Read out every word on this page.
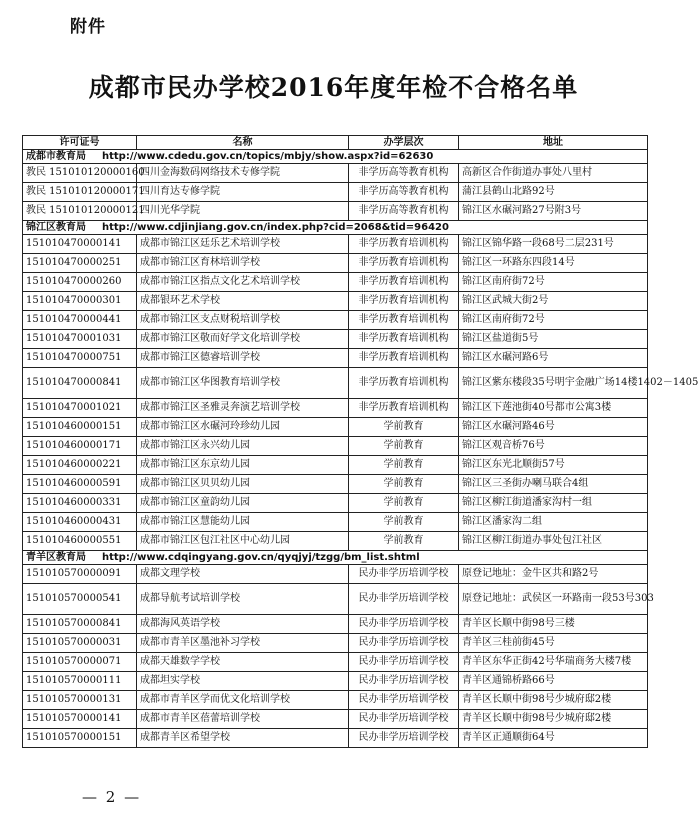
附件
成都市民办学校2016年度年检不合格名单
许可证号	名称	办学层次	地址
成都市教育局 http://www.cdedu.gov.cn/topics/mbjy/show.aspx?id=62630			
教民 151010120000160	四川金海数码网络技术专修学院	非学历高等教育机构	高新区合作街道办事处八里村
教民 151010120000171	四川育达专修学院	非学历高等教育机构	蒲江县鹤山北路92号
教民 151010120000121	四川光华学院	非学历高等教育机构	锦江区水碾河路27号附3号
锦江区教育局 http://www.cdjinjiang.gov.cn/index.php?cid=2068&tid=96420			
151010470000141	成都市锦江区廷乐艺术培训学校	非学历教育培训机构	锦江区锦华路一段68号二层231号
151010470000251	成都市锦江区育林培训学校	非学历教育培训机构	锦江区一环路东四段14号
151010470000260	成都市锦江区指点文化艺术培训学校	非学历教育培训机构	锦江区南府街72号
151010470000301	成都银环艺术学校	非学历教育培训机构	锦江区武城大街2号
151010470000441	成都市锦江区支点财税培训学校	非学历教育培训机构	锦江区南府街72号
151010470001031	成都市锦江区敬而好学文化培训学校	非学历教育培训机构	锦江区盐道街5号
151010470000751	成都市锦江区德睿培训学校	非学历教育培训机构	锦江区水碾河路6号
151010470000841	成都市锦江区华图教育培训学校	非学历教育培训机构	锦江区紫东楼段35号明宇金融广场14楼1402－1405
151010470001021	成都市锦江区圣雅灵奔演艺培训学校	非学历教育培训机构	锦江区下莲池街40号都市公寓3楼
151010460000151	成都市锦江区水碾河玲珍幼儿园	学前教育	锦江区水碾河路46号
151010460000171	成都市锦江区永兴幼儿园	学前教育	锦江区观音桥76号
151010460000221	成都市锦江区东京幼儿园	学前教育	锦江区东光北顺街57号
151010460000591	成都市锦江区贝贝幼儿园	学前教育	锦江区三圣街办喇马联合4组
151010460000331	成都市锦江区童韵幼儿园	学前教育	锦江区柳江街道潘家沟村一组
151010460000431	成都市锦江区慧能幼儿园	学前教育	锦江区潘家沟二组
151010460000551	成都市锦江区包江社区中心幼儿园	学前教育	锦江区柳江街道办事处包江社区
青羊区教育局 http://www.cdqingyang.gov.cn/qyqjyj/tzgg/bm_list.shtml			
151010570000091	成都文理学校	民办非学历培训学校	原登记地址：金牛区共和路2号
151010570000541	成都导航考试培训学校	民办非学历培训学校	原登记地址：武侯区一环路南一段53号303
151010570000841	成都海风英语学校	民办非学历培训学校	青羊区长顺中街98号三楼
151010570000031	成都市青羊区墨池补习学校	民办非学历培训学校	青羊区三桂前街45号
151010570000071	成都天雄数学学校	民办非学历培训学校	青羊区东华正街42号华瑞商务大楼7楼
151010570000111	成都坦实学校	民办非学历培训学校	青羊区通锦桥路66号
151010570000131	成都市青羊区学而优文化培训学校	民办非学历培训学校	青羊区长顺中街98号少城府邸2楼
151010570000141	成都市青羊区蓓蕾培训学校	民办非学历培训学校	青羊区长顺中街98号少城府邸2楼
151010570000151	成都青羊区希望学校	民办非学历培训学校	青羊区正通顺街64号
— 2 —
